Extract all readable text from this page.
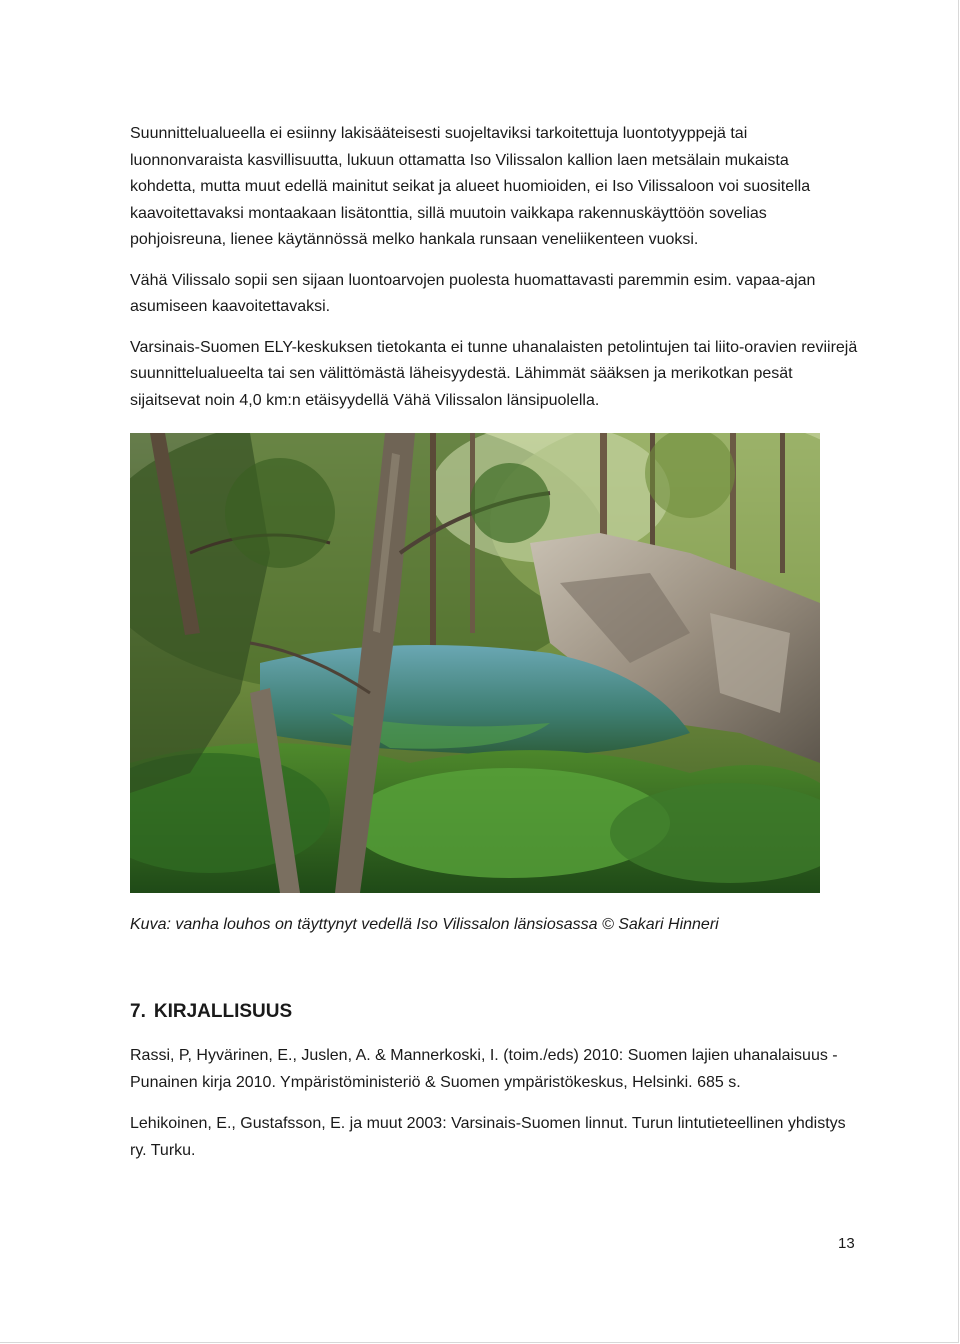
Suunnittelualueella ei esiinny lakisääteisesti suojeltaviksi tarkoitettuja luontotyyppejä tai luonnonvaraista kasvillisuutta, lukuun ottamatta Iso Vilissalon kallion laen metsälain mukaista kohdetta, mutta muut edellä mainitut seikat ja alueet huomioiden, ei Iso Vilissaloon voi suositella kaavoitettavaksi montaakaan lisätonttia, sillä muutoin vaikkapa rakennuskäyttöön sovelias pohjoisreuna, lienee käytännössä melko hankala runsaan veneliikenteen vuoksi.

Vähä Vilissalo sopii sen sijaan luontoarvojen puolesta huomattavasti paremmin esim. vapaa-ajan asumiseen kaavoitettavaksi.

Varsinais-Suomen ELY-keskuksen tietokanta ei tunne uhanalaisten petolintujen tai liito-oravien reviirejä suunnittelualueelta tai sen välittömästä läheisyydestä. Lähimmät sääksen ja merikotkan pesät sijaitsevat noin 4,0 km:n etäisyydellä Vähä Vilissalon länsipuolella.

Kuva: vanha louhos on täyttynyt vedellä Iso Vilissalon länsiosassa © Sakari Hinneri
7. KIRJALLISUUS

Rassi, P, Hyvärinen, E., Juslen, A. & Mannerkoski, I. (toim./eds) 2010: Suomen lajien uhanalaisuus - Punainen kirja 2010. Ympäristöministeriö & Suomen ympäristökeskus, Helsinki. 685 s.

Lehikoinen, E., Gustafsson, E. ja muut 2003: Varsinais-Suomen linnut. Turun lintutieteellinen yhdistys ry. Turku.

13
